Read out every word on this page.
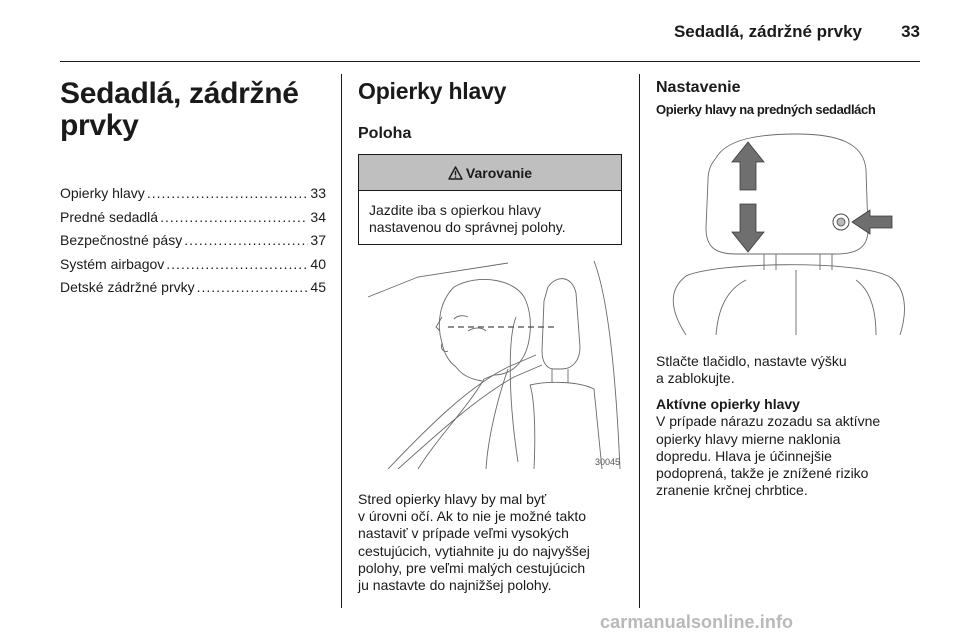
Sedadlá, zádržné prvky 33
Sedadlá, zádržné
prvky
Opierky hlavy .....	33
Predné sedadlá .....	34
Bezpečnostné pásy .....	37
Systém airbagov .....	40
Detské zádržné prvky .....	45
Opierky hlavy
Poloha
Varovanie
Jazdite iba s opierkou hlavy
nastavenou do správnej polohy.
30045

Stred opierky hlavy by mal byť
v úrovni očí. Ak to nie je možné takto
nastaviť v prípade veľmi vysokých
cestujúcich, vytiahnite ju do najvyššej
polohy, pre veľmi malých cestujúcich
ju nastavte do najnižšej polohy.

Nastavenie
Opierky hlavy na predných sedadlách

Stlačte tlačidlo, nastavte výšku
a zablokujte.

Aktívne opierky hlavy

V prípade nárazu zozadu sa aktívne
opierky hlavy mierne naklonia
dopredu. Hlava je účinnejšie
podoprená, takže je znížené riziko
zranenie krčnej chrbtice.

carmanualsonline.info
